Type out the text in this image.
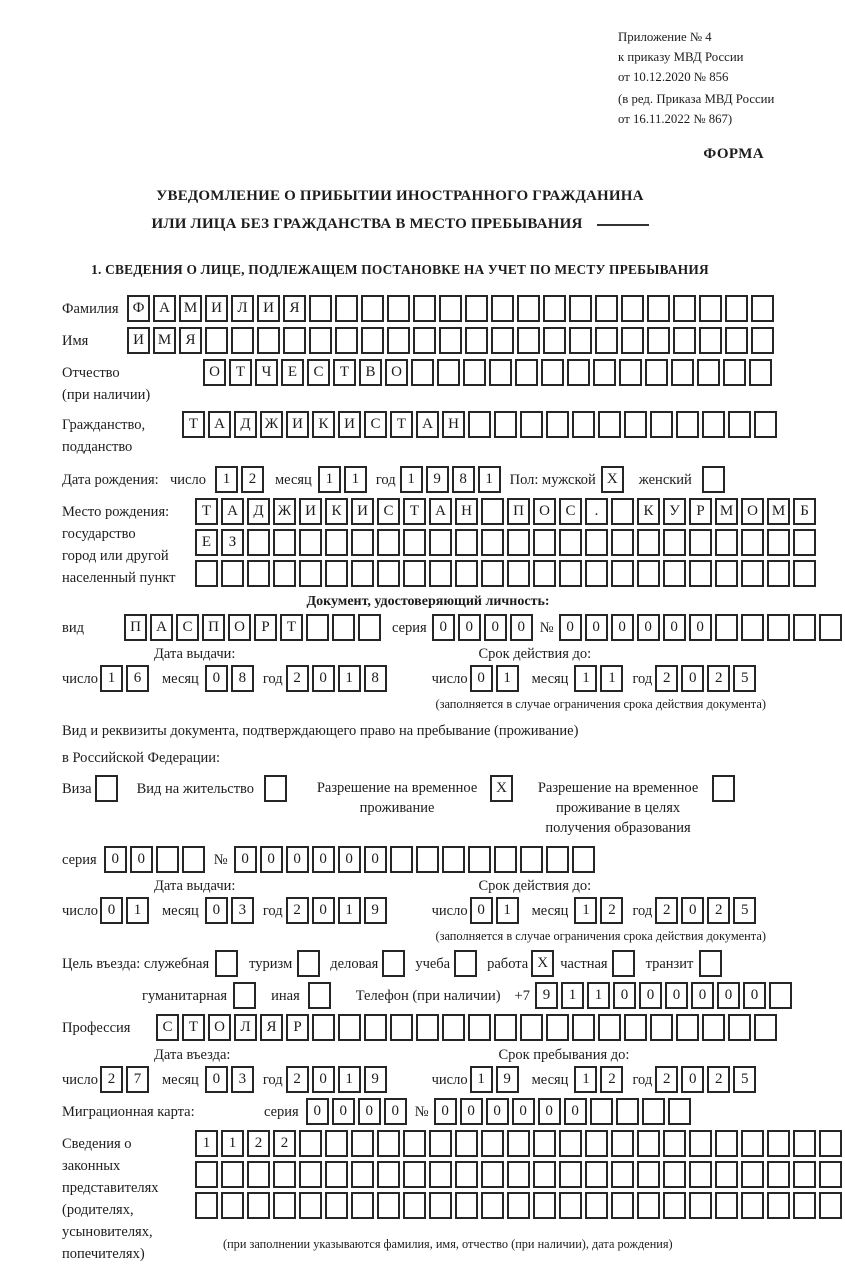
Приложение № 4
к приказу МВД России
от 10.12.2020 № 856
(в ред. Приказа МВД России
от 16.11.2022 № 867)
ФОРМА
УВЕДОМЛЕНИЕ О ПРИБЫТИИ ИНОСТРАННОГО ГРАЖДАНИНА
ИЛИ ЛИЦА БЕЗ ГРАЖДАНСТВА В МЕСТО ПРЕБЫВАНИЯ
1. СВЕДЕНИЯ О ЛИЦЕ, ПОДЛЕЖАЩЕМ ПОСТАНОВКЕ НА УЧЕТ ПО МЕСТУ ПРЕБЫВАНИЯ
Фамилия Ф А М И	Л	И	Я
Имя	И М Я
Отчество
(при наличии)
О	Т	Ч	Е	С	Т	В	О
Гражданство,
подданство
Т	А	Д Ж И	К	И	С	Т	А	Н
Дата рождения: число	1	2	месяц 1	1	год 1	9	8	1	Пол: мужской X	женский
Место рождения:
государство
город или другой
населенный пункт
Т	А	Д Ж И	К	И	С	Т	А	Н	П	О	С	.	К	У	Р	М О М	Б
Е	З
Документ, удостоверяющий личность:
вид	П	А	С	П	О	Р	Т	серия 0	0	0	0	№ 0	0	0	0	0	0
Дата выдачи:	Срок действия до:
число 1	6	месяц 0	8	год 2	0	1	8	число 0	1	месяц 1	1	год 2	0	2	5
(заполняется в случае ограничения срока действия документа)
Вид и реквизиты документа, подтверждающего право на пребывание (проживание)
в Российской Федерации:
Виза	Вид на жительство	Разрешение на временное
проживание
X	Разрешение на временное
проживание в целях
получения образования
серия 0	0	№ 0	0	0	0	0	0
Дата выдачи:	Срок действия до:
число 0	1	месяц 0	3	год 2	0	1	9	число 0	1	месяц 1	2	год 2	0	2	5
(заполняется в случае ограничения срока действия документа)
Цель въезда: служебная	туризм	деловая	учеба	работа X частная	транзит
гуманитарная	иная	Телефон (при наличии) +7 9	1	1	0	0	0	0	0	0
Профессия	С	Т	О	Л	Я	Р
Дата въезда:	Срок пребывания до:
число 2	7	месяц 0	3	год 2	0	1	9	число 1	9	месяц 1	2	год 2	0	2	5
Миграционная карта:	серия 0	0	0	0	№ 0	0	0	0	0	0
Сведения о
законных
представителях
(родителях,
усыновителях,
попечителях)
1	1	2	2
(при заполнении указываются фамилия, имя, отчество (при наличии), дата рождения)
